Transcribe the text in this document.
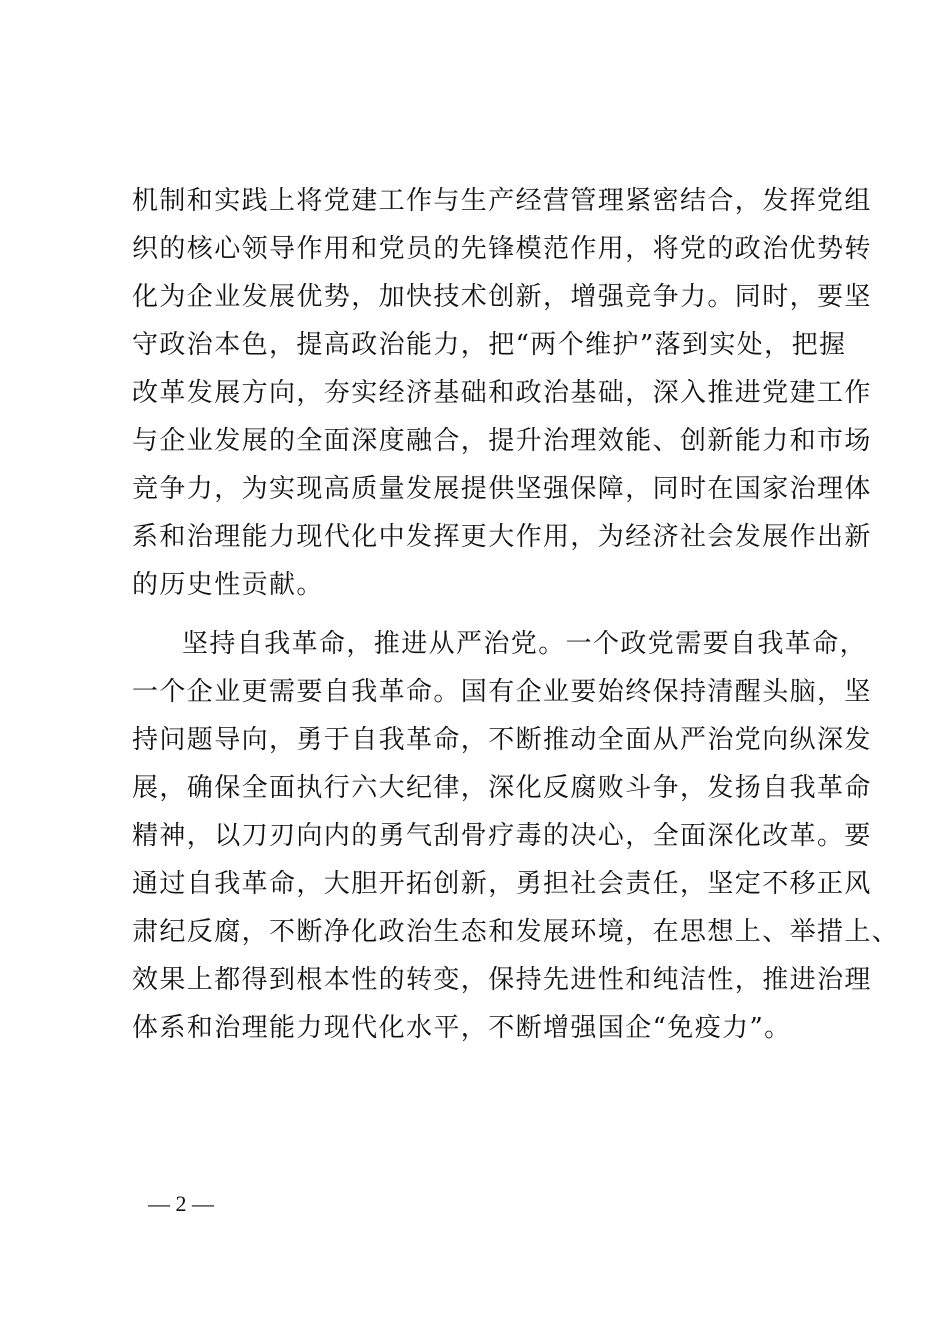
机制和实践上将党建工作与生产经营管理紧密结合，发挥党组
织的核心领导作用和党员的先锋模范作用，将党的政治优势转
化为企业发展优势，加快技术创新，增强竞争力。同时，要坚
守政治本色，提高政治能力，把“两个维护”落到实处，把握
改革发展方向，夯实经济基础和政治基础，深入推进党建工作
与企业发展的全面深度融合，提升治理效能、创新能力和市场
竞争力，为实现高质量发展提供坚强保障，同时在国家治理体
系和治理能力现代化中发挥更大作用，为经济社会发展作出新
的历史性贡献。
坚持自我革命，推进从严治党。一个政党需要自我革命，
一个企业更需要自我革命。国有企业要始终保持清醒头脑，坚
持问题导向，勇于自我革命，不断推动全面从严治党向纵深发
展，确保全面执行六大纪律，深化反腐败斗争，发扬自我革命
精神，以刀刃向内的勇气刮骨疗毒的决心，全面深化改革。要
通过自我革命，大胆开拓创新，勇担社会责任，坚定不移正风
肃纪反腐，不断净化政治生态和发展环境，在思想上、举措上、
效果上都得到根本性的转变，保持先进性和纯洁性，推进治理
体系和治理能力现代化水平，不断增强国企“免疫力”。
— 2 —
